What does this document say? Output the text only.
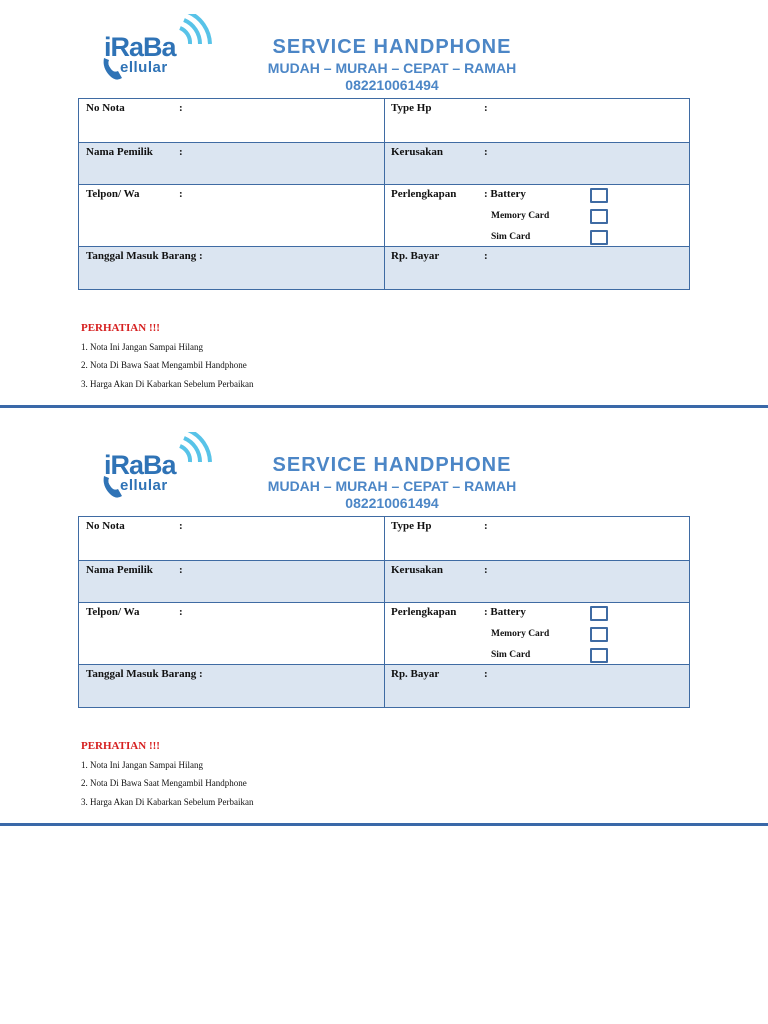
iRaBa
ellular
SERVICE HANDPHONE
MUDAH – MURAH – CEPAT – RAMAH
082210061494
No Nota	:	Type Hp	:
Nama Pemilik :	Kerusakan	:
Telpon/ Wa	:	Perlengkapan	: Battery
Memory Card
Sim Card
Tanggal Masuk Barang :	Rp. Bayar	:
PERHATIAN !!!
1. Nota Ini Jangan Sampai Hilang
2. Nota Di Bawa Saat Mengambil Handphone
3. Harga Akan Di Kabarkan Sebelum Perbaikan
iRaBa
ellular
SERVICE HANDPHONE
MUDAH – MURAH – CEPAT – RAMAH
082210061494
No Nota	:	Type Hp	:
Nama Pemilik :	Kerusakan	:
Telpon/ Wa	:	Perlengkapan	: Battery
Memory Card
Sim Card
Tanggal Masuk Barang :	Rp. Bayar	:
PERHATIAN !!!
1. Nota Ini Jangan Sampai Hilang
2. Nota Di Bawa Saat Mengambil Handphone
3. Harga Akan Di Kabarkan Sebelum Perbaikan
